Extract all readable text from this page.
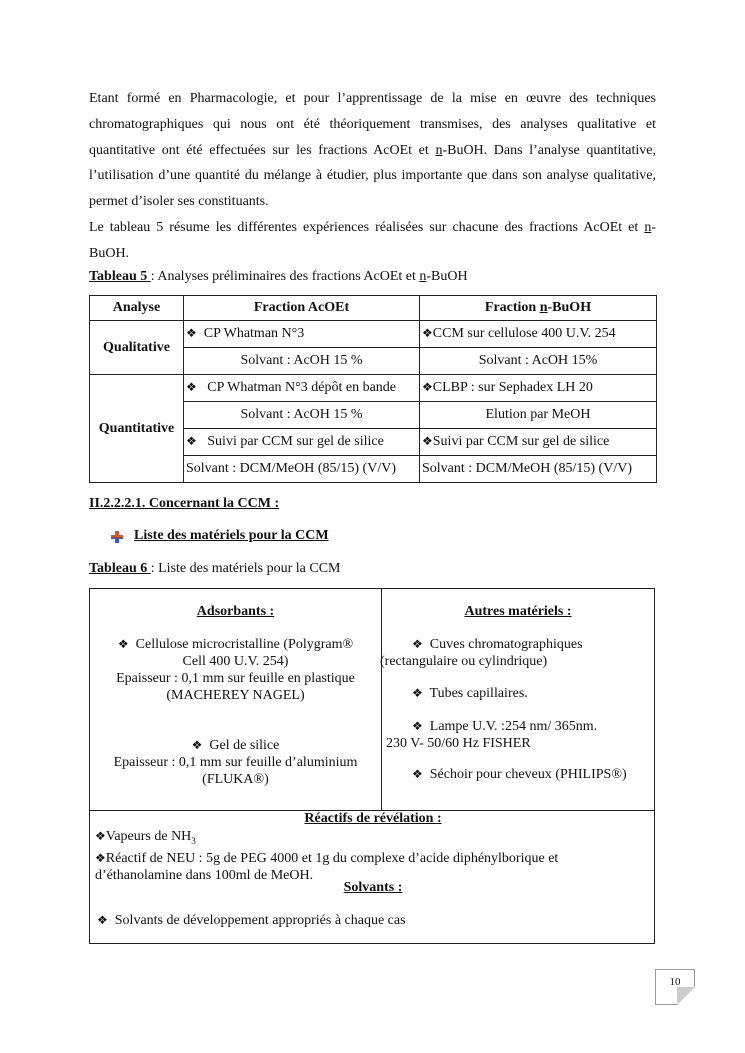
Etant formé en Pharmacologie, et pour l’apprentissage de la mise en œuvre des techniques chromatographiques qui nous ont été théoriquement transmises, des analyses qualitative et quantitative ont été effectuées sur les fractions AcOEt et n-BuOH. Dans l’analyse quantitative, l’utilisation d’une quantité du mélange à étudier, plus importante que dans son analyse qualitative, permet d’isoler ses constituants.

Le tableau 5 résume les différentes expériences réalisées sur chacune des fractions AcOEt et n-BuOH.

Tableau 5 : Analyses préliminaires des fractions AcOEt et n-BuOH

Analyse	Fraction AcOEt	Fraction n-BuOH
Qualitative	❖ CP Whatman N°3	❖CCM sur cellulose 400 U.V. 254
	Solvant : AcOH 15 %	Solvant : AcOH 15%
Quantitative	❖ CP Whatman N°3 dépôt en bande	❖CLBP : sur Sephadex LH 20
	Solvant : AcOH 15 %	Elution par MeOH
	❖ Suivi par CCM sur gel de silice	❖Suivi par CCM sur gel de silice
	Solvant : DCM/MeOH (85/15) (V/V)	Solvant : DCM/MeOH (85/15) (V/V)

II.2.2.2.1. Concernant la CCM :

Liste des matériels pour la CCM

Tableau 6 : Liste des matériels pour la CCM

Adsorbants :

❖ Cellulose microcristalline (Polygram®
Cell 400 U.V. 254)
Epaisseur : 0,1 mm sur feuille en plastique
(MACHEREY NAGEL)

❖ Gel de silice
Epaisseur : 0,1 mm sur feuille d’aluminium
(FLUKA®)

Autres matériels :

❖ Cuves chromatographiques
(rectangulaire ou cylindrique)

❖ Tubes capillaires.

❖ Lampe U.V. :254 nm/ 365nm.
230 V- 50/60 Hz FISHER

❖ Séchoir pour cheveux (PHILIPS®)

Réactifs de révélation :

❖Vapeurs de $NH_3$
❖Réactif de NEU : 5g de PEG 4000 et 1g du complexe d’acide diphénylborique et
d’éthanolamine dans 100ml de MeOH.

Solvants :

❖ Solvants de développement appropriés à chaque cas

10
